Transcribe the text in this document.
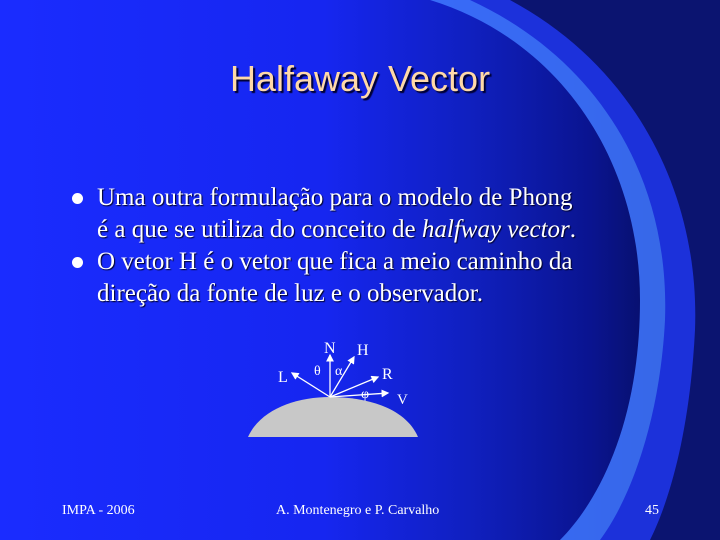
Halfaway Vector
Uma outra formulação para o modelo de Phong
é a que se utiliza do conceito de halfway vector.
O vetor H é o vetor que fica a meio caminho da
direção da fonte de luz e o observador.
N H
L	R
V
θ α
φ
IMPA - 2006	A. Montenegro e P. Carvalho	45
